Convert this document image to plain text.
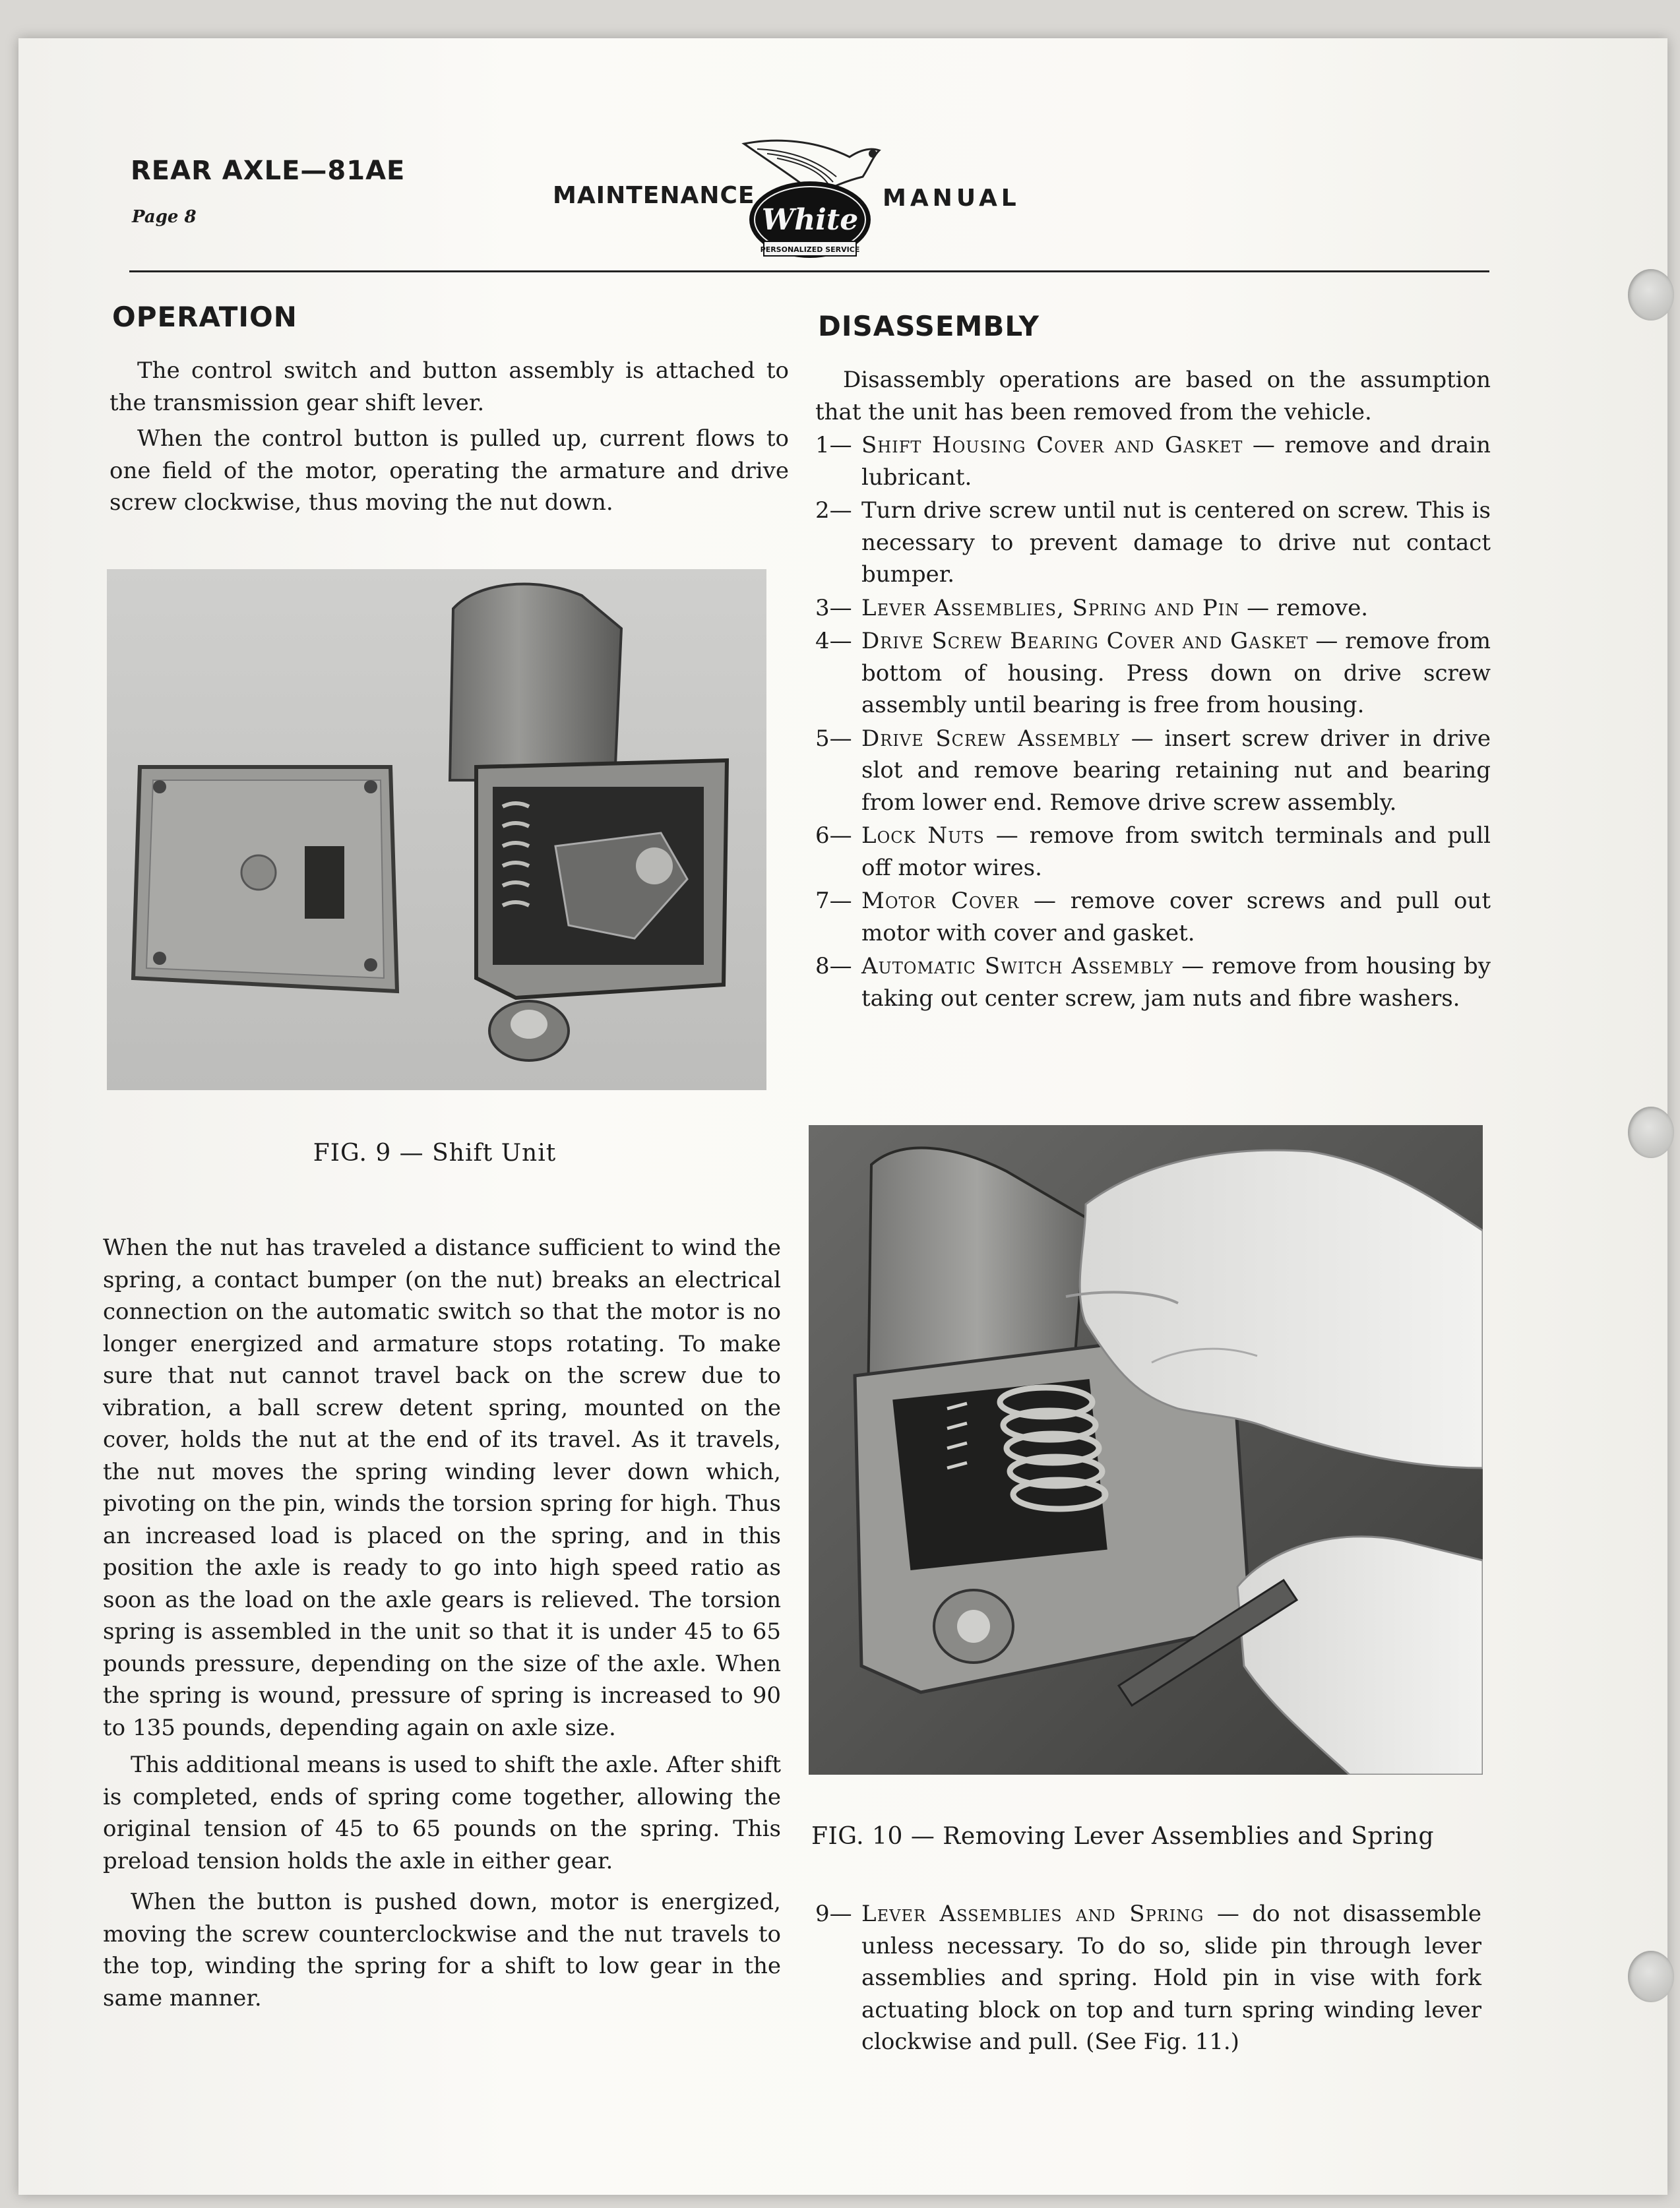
REAR AXLE—81AE
Page 8
MAINTENANCE	MANUAL
White
PERSONALIZED SERVICE
OPERATION

The control switch and button assembly is attached to the transmission gear shift lever.

When the control button is pulled up, current flows to one field of the motor, operating the armature and drive screw clockwise, thus moving the nut down.

FIG. 9 — Shift Unit

When the nut has traveled a distance sufficient to wind the spring, a contact bumper (on the nut) breaks an electrical connection on the automatic switch so that the motor is no longer energized and armature stops rotating. To make sure that nut cannot travel back on the screw due to vibration, a ball screw detent spring, mounted on the cover, holds the nut at the end of its travel. As it travels, the nut moves the spring winding lever down which, pivoting on the pin, winds the torsion spring for high. Thus an increased load is placed on the spring, and in this position the axle is ready to go into high speed ratio as soon as the load on the axle gears is relieved. The torsion spring is assembled in the unit so that it is under 45 to 65 pounds pressure, depending on the size of the axle. When the spring is wound, pressure of spring is increased to 90 to 135 pounds, depending again on axle size.

This additional means is used to shift the axle. After shift is completed, ends of spring come together, allowing the original tension of 45 to 65 pounds on the spring. This preload tension holds the axle in either gear.

When the button is pushed down, motor is energized, moving the screw counterclockwise and the nut travels to the top, winding the spring for a shift to low gear in the same manner.

DISASSEMBLY

Disassembly operations are based on the assumption that the unit has been removed from the vehicle.

1— Shift Housing Cover and Gasket — remove and drain lubricant.
2— Turn drive screw until nut is centered on screw. This is necessary to prevent damage to drive nut contact bumper.
3— Lever Assemblies, Spring and Pin — remove.
4— Drive Screw Bearing Cover and Gasket — remove from bottom of housing. Press down on drive screw assembly until bearing is free from housing.
5— Drive Screw Assembly — insert screw driver in drive slot and remove bearing retaining nut and bearing from lower end. Remove drive screw assembly.
6— Lock Nuts — remove from switch terminals and pull off motor wires.
7— Motor Cover — remove cover screws and pull out motor with cover and gasket.
8— Automatic Switch Assembly — remove from housing by taking out center screw, jam nuts and fibre washers.
FIG. 10 — Removing Lever Assemblies and Spring
9— Lever Assemblies and Spring — do not disassemble unless necessary. To do so, slide pin through lever assemblies and spring. Hold pin in vise with fork actuating block on top and turn spring winding lever clockwise and pull. (See Fig. 11.)
